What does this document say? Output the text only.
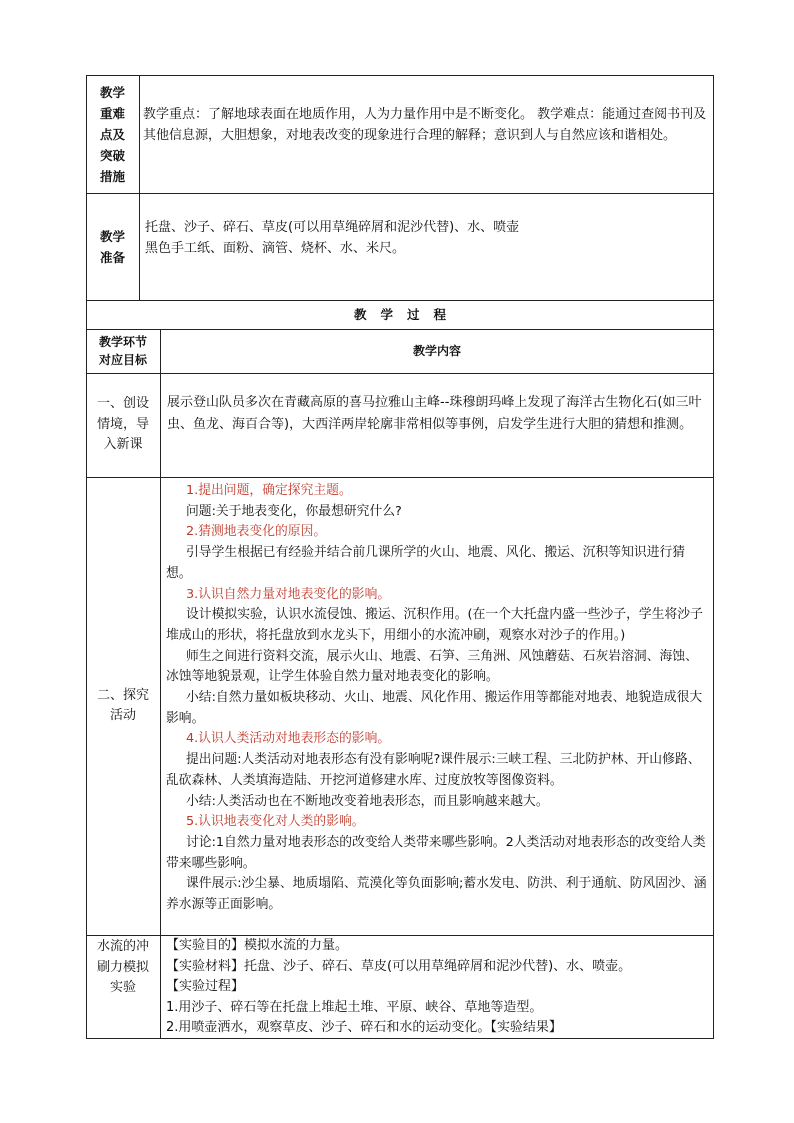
教学
重难
点及
突破
措施

教学重点：了解地球表面在地质作用，人为力量作用中是不断变化。 教学难点：能通过查阅书刊及其他信息源，大胆想象，对地表改变的现象进行合理的解释；意识到人与自然应该和谐相处。

教学
准备

托盘、沙子、碎石、草皮(可以用草绳碎屑和泥沙代替)、水、喷壶

黑色手工纸、面粉、滴管、烧杯、水、米尺。

教学过程
教学环节
对应目标
教学内容
一、创设
情境，导
入新课

展示登山队员多次在青藏高原的喜马拉雅山主峰--珠穆朗玛峰上发现了海洋古生物化石(如三叶虫、鱼龙、海百合等)，大西洋两岸轮廓非常相似等事例，启发学生进行大胆的猜想和推测。

二、探究
活动

1.提出问题，确定探究主题。

问题:关于地表变化，你最想研究什么?

2.猜测地表变化的原因。

引导学生根据已有经验并结合前几课所学的火山、地震、风化、搬运、沉积等知识进行猜想。

3.认识自然力量对地表变化的影响。

设计模拟实验，认识水流侵蚀、搬运、沉积作用。(在一个大托盘内盛一些沙子，学生将沙子堆成山的形状，将托盘放到水龙头下，用细小的水流冲刷，观察水对沙子的作用。)

师生之间进行资料交流，展示火山、地震、石笋、三角洲、风蚀蘑菇、石灰岩溶洞、海蚀、冰蚀等地貌景观，让学生体验自然力量对地表变化的影响。

小结:自然力量如板块移动、火山、地震、风化作用、搬运作用等都能对地表、地貌造成很大影响。

4.认识人类活动对地表形态的影响。

提出问题:人类活动对地表形态有没有影响呢?课件展示:三峡工程、三北防护林、开山修路、乱砍森林、人类填海造陆、开挖河道修建水库、过度放牧等图像资料。

小结:人类活动也在不断地改变着地表形态，而且影响越来越大。

5.认识地表变化对人类的影响。

讨论:1自然力量对地表形态的改变给人类带来哪些影响。2人类活动对地表形态的改变给人类带来哪些影响。

课件展示:沙尘暴、地质塌陷、荒漠化等负面影响;蓄水发电、防洪、利于通航、防风固沙、涵养水源等正面影响。

水流的冲
刷力模拟
实验

【实验目的】模拟水流的力量。

【实验材料】托盘、沙子、碎石、草皮(可以用草绳碎屑和泥沙代替)、水、喷壶。

【实验过程】

1.用沙子、碎石等在托盘上堆起土堆、平原、峡谷、草地等造型。

2.用喷壶洒水，观察草皮、沙子、碎石和水的运动变化。【实验结果】
